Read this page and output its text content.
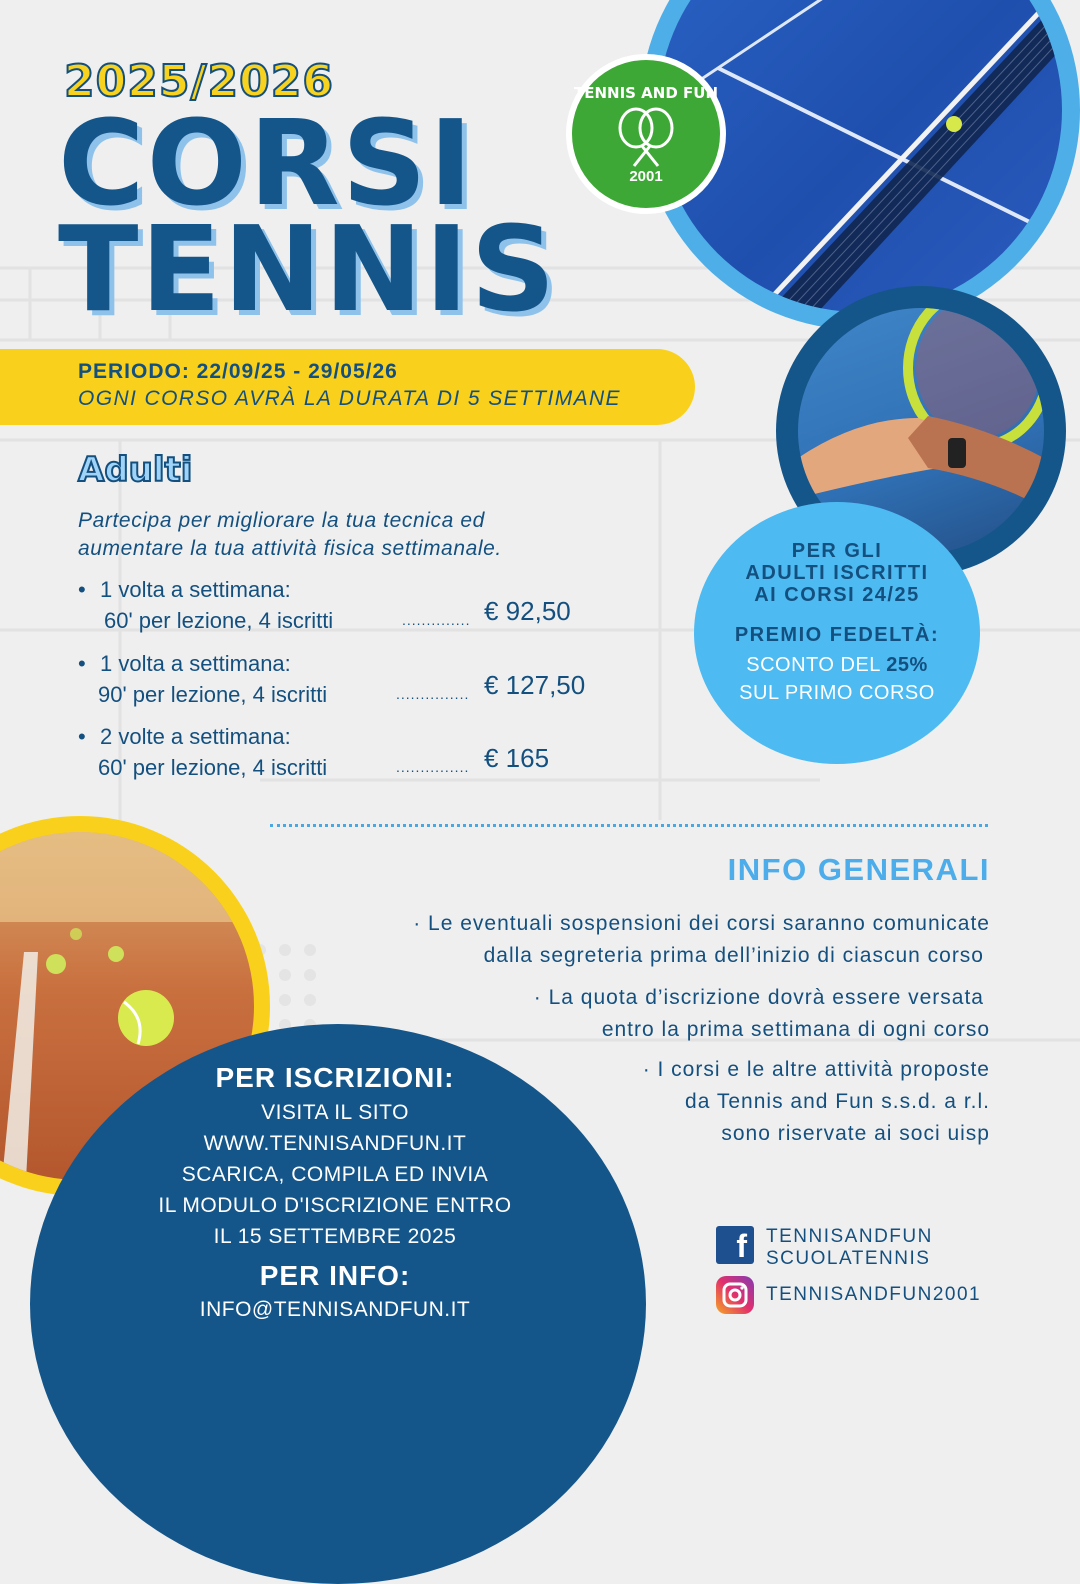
TENNIS AND FUN
2001
PER GLI
ADULTI ISCRITTI
AI CORSI 24/25
PREMIO FEDELTÀ:
SCONTO DEL 25%
SUL PRIMO CORSO
2025/2026
CORSI
TENNIS
PERIODO: 22/09/25 - 29/05/26
OGNI CORSO AVRÀ LA DURATA DI 5 SETTIMANE
Adulti
Partecipa per migliorare la tua tecnica ed
aumentare la tua attività fisica settimanale.
• 1 volta a settimana:
60' per lezione, 4 iscritti	.............. € 92,50
• 1 volta a settimana:
90' per lezione, 4 iscritti	............... € 127,50
• 2 volte a settimana:
60' per lezione, 4 iscritti	............... € 165
INFO GENERALI
· Le eventuali sospensioni dei corsi saranno comunicate
dalla segreteria prima dell’inizio di ciascun corso
· La quota d’iscrizione dovrà essere versata
entro la prima settimana di ogni corso
· I corsi e le altre attività proposte
da Tennis and Fun s.s.d. a r.l.
sono riservate ai soci uisp
PER ISCRIZIONI:
VISITA IL SITO
WWW.TENNISANDFUN.IT
SCARICA, COMPILA ED INVIA
IL MODULO D'ISCRIZIONE ENTRO
IL 15 SETTEMBRE 2025
PER INFO:
INFO@TENNISANDFUN.IT
f TENNISANDFUN
SCUOLATENNIS
TENNISANDFUN2001
